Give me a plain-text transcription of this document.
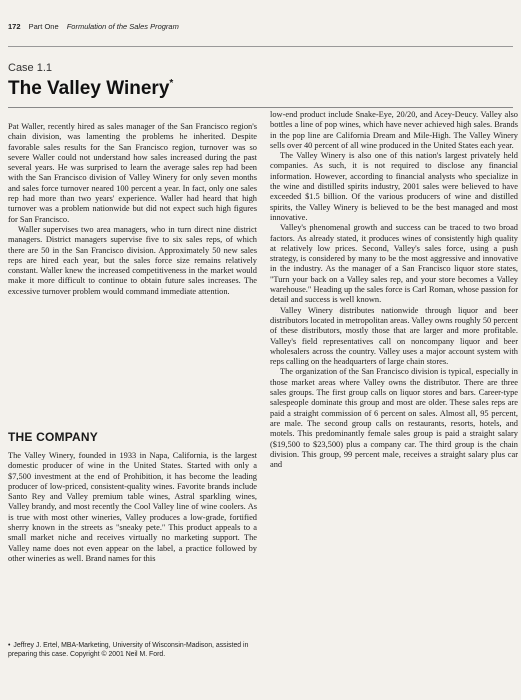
172 Part One Formulation of the Sales Program
Case 1.1
The Valley Winery*

Pat Waller, recently hired as sales manager of the San Francisco region's chain division, was lamenting the problems he inherited. Despite favorable sales results for the San Francisco region, turnover was so severe Waller could not understand how sales increased during the past several years. He was surprised to learn the average sales rep had been with the San Francisco division of Valley Winery for only seven months and sales force turnover neared 100 percent a year. In fact, only one sales rep had more than two years' experience. Waller had heard that high turnover was a problem nationwide but did not expect such high figures for San Francisco.

Waller supervises two area managers, who in turn direct nine district managers. District managers supervise five to six sales reps, of which there are 50 in the San Francisco division. Approximately 50 new sales reps are hired each year, but the sales force size remains relatively constant. Waller knew the increased competitiveness in the market would make it more difficult to continue to obtain future sales increases. The excessive turnover problem would command immediate attention.

THE COMPANY

The Valley Winery, founded in 1933 in Napa, California, is the largest domestic producer of wine in the United States. Started with only a $7,500 investment at the end of Prohibition, it has become the leading producer of low-priced, consistent-quality wines. Favorite brands include Santo Rey and Valley premium table wines, Astral sparkling wines, Valley brandy, and most recently the Cool Valley line of wine coolers. As is true with most other wineries, Valley produces a low-grade, fortified sherry known in the streets as "sneaky pete." This product appeals to a small market niche and receives virtually no marketing support. The Valley name does not even appear on the label, a practice followed by other wineries as well. Brand names for this

• Jeffrey J. Ertel, MBA-Marketing, University of Wisconsin-Madison, assisted in preparing this case. Copyright © 2001 Neil M. Ford.

low-end product include Snake-Eye, 20/20, and Acey-Deucy. Valley also bottles a line of pop wines, which have never achieved high sales. Brands in the pop line are California Dream and Mile-High. The Valley Winery sells over 40 percent of all wine produced in the United States each year.

The Valley Winery is also one of this nation's largest privately held companies. As such, it is not required to disclose any financial information. However, according to financial analysts who specialize in the wine and distilled spirits industry, 2001 sales were believed to have exceeded $1.5 billion. Of the various producers of wine and distilled spirits, the Valley Winery is believed to be the best managed and most innovative.

Valley's phenomenal growth and success can be traced to two broad factors. As already stated, it produces wines of consistently high quality at relatively low prices. Second, Valley's sales force, using a push strategy, is considered by many to be the most aggressive and innovative in the industry. As the manager of a San Francisco liquor store states, "Turn your back on a Valley sales rep, and your store becomes a Valley warehouse." Heading up the sales force is Carl Roman, whose passion for detail and success is well known.

Valley Winery distributes nationwide through liquor and beer distributors located in metropolitan areas. Valley owns roughly 50 percent of these distributors, mostly those that are larger and more profitable. Valley's field representatives call on noncompany liquor and beer wholesalers across the country. Valley uses a major account system with reps calling on the headquarters of large chain stores.

The organization of the San Francisco division is typical, especially in those market areas where Valley owns the distributor. There are three sales groups. The first group calls on liquor stores and bars. Career-type salespeople dominate this group and most are older. These sales reps are paid a straight commission of 6 percent on sales. Almost all, 95 percent, are male. The second group calls on restaurants, resorts, hotels, and motels. This predominantly female sales group is paid a straight salary ($19,500 to $23,500) plus a company car. The third group is the chain division. This group, 99 percent male, receives a straight salary plus car and
